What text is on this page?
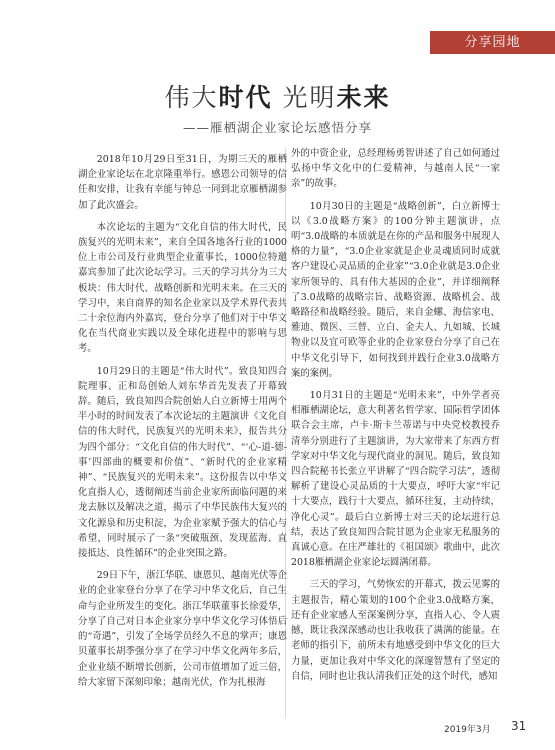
分享园地
伟大时代 光明未来
——雁栖湖企业家论坛感悟分享

2018年10月29日至31日，为期三天的雁栖湖企业家论坛在北京隆重举行。感恩公司领导的信任和安排，让我有幸能与钟总一同到北京雁栖湖参加了此次盛会。

本次论坛的主题为“文化自信的伟大时代，民族复兴的光明未来”，来自全国各地各行业的1000位上市公司及行业典型企业董事长，1000位特邀嘉宾参加了此次论坛学习。三天的学习共分为三大板块：伟大时代、战略创新和光明未来。在三天的学习中，来自商界的知名企业家以及学术界代表共二十余位海内外嘉宾，登台分享了他们对于中华文化在当代商业实践以及全球化进程中的影响与思考。

10月29日的主题是“伟大时代”。致良知四合院理事、正和岛创始人刘东华首先发表了开幕致辞。随后，致良知四合院创始人白立新博士用两个半小时的时间发表了本次论坛的主题演讲《文化自信的伟大时代，民族复兴的光明未来》，报告共分为四个部分：“文化自信的伟大时代”、“‘心-道-德-事’四部曲的概要和价值”、“新时代的企业家精神”、“民族复兴的光明未来”。这份报告以中华文化直指人心，透彻阐述当前企业家所面临问题的来龙去脉以及解决之道，揭示了中华民族伟大复兴的文化源泉和历史积淀，为企业家赋予强大的信心与希望，同时展示了一条“突破瓶颈、发现蓝海、直接抵达、良性循环”的企业突围之路。

29日下午，浙江华联、康恩贝、越南光伏等企业的企业家登台分享了在学习中华文化后，自己生命与企业所发生的变化。浙江华联董事长徐爱华，分享了自己对日本企业家分享中华文化学习体悟后的“奇遇”，引发了全场学员经久不息的掌声；康恩贝董事长胡季强分享了在学习中华文化两年多后，企业业绩不断增长创新，公司市值增加了近三倍，给大家留下深刻印象；越南光伏，作为扎根海

外的中资企业，总经理杨勇智讲述了自己如何通过弘扬中华文化中的仁爱精神，与越南人民“一家亲”的故事。

10月30日的主题是“战略创新”，白立新博士以《3.0战略方案》的100分钟主题演讲，点明“3.0战略的本质就是在你的产品和服务中展现人格的力量”，“3.0企业家就是企业灵魂质同时成就客户建设心灵品质的企业家”“3.0企业就是3.0企业家所领导的、具有伟大基因的企业”，并详细阐释了3.0战略的战略宗旨、战略资源、战略机会、战略路径和战略经验。随后，来自金螺、海信家电、雅迪、微医、三替、立白、金夫人、九如城、长城物业以及宜可欧等企业的企业家登台分享了自己在中华文化引导下，如何找到并践行企业3.0战略方案的案例。

10月31日的主题是“光明未来”，中外学者亮相雁栖湖论坛，意大利著名哲学家、国际哲学团体联合会主席，卢卡·斯卡兰蒂诺与中央党校教授乔清举分别进行了主题演讲，为大家带来了东西方哲学家对中华文化与现代商业的洞见。随后，致良知四合院秘书长张立平讲解了“四合院学习法”，透彻解析了建设心灵品质的十大要点，呼吁大家“牢记十大要点，践行十大要点，循环往复，主动持续，净化心灵”。最后白立新博士对三天的论坛进行总结，表达了致良知四合院甘愿为企业家无私服务的真诚心意。在庄严雄壮的《祖国颂》歌曲中，此次2018雁栖湖企业家论坛圆满闭幕。

三天的学习，气势恢宏的开幕式，拨云见雾的主题报告，精心策划的100个企业3.0战略方案，还有企业家感人至深案例分享，直指人心、令人震撼，既让我深深感动也让我收获了满满的能量。在老师的指引下，前所未有地感受到中华文化的巨大力量，更加让我对中华文化的深邃智慧有了坚定的自信，同时也让我认清我们正处的这个时代，感知

2019年3月 31
